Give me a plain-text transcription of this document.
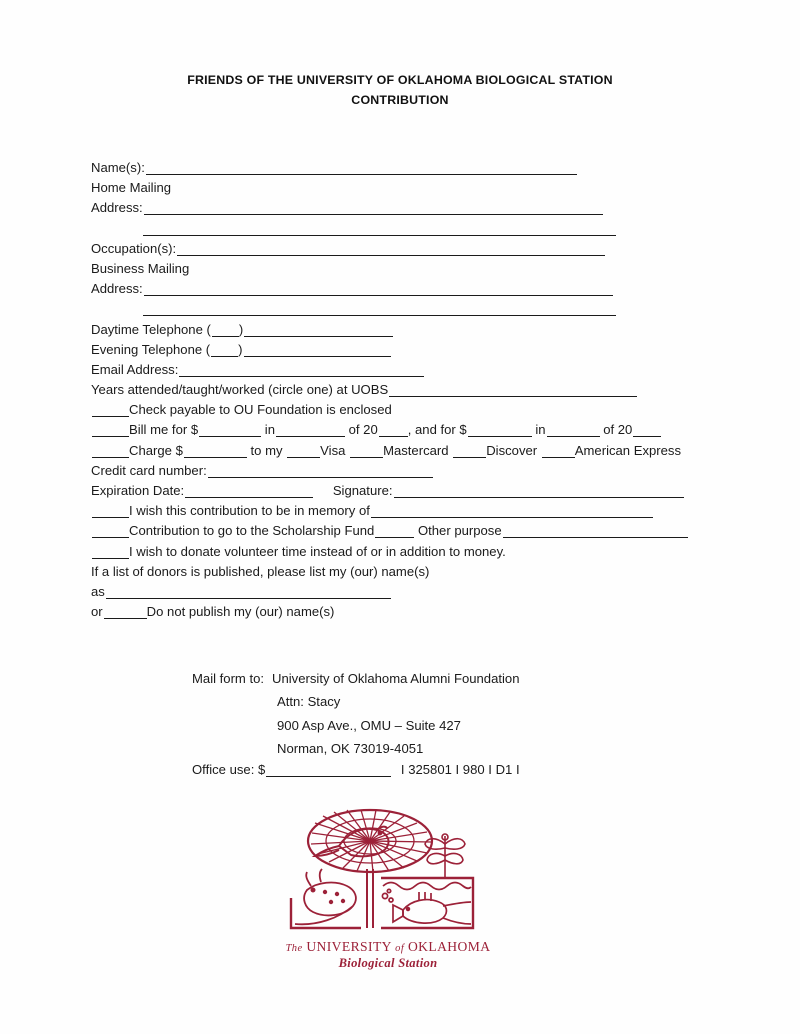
FRIENDS OF THE UNIVERSITY OF OKLAHOMA BIOLOGICAL STATION
CONTRIBUTION
Name(s):
Home Mailing
Address:
Occupation(s):
Business Mailing
Address:
Daytime Telephone ( )
Evening Telephone ( )
Email Address:
Years attended/taught/worked (circle one) at UOBS
Check payable to OU Foundation is enclosed
Bill me for $	in	of 20 , and for $	in	of 20
Charge $	to my	Visa	Mastercard	Discover	American Express
Credit card number:
Expiration Date:	Signature:
I wish this contribution to be in memory of
Contribution to go to the Scholarship Fund	Other purpose
I wish to donate volunteer time instead of or in addition to money.
If a list of donors is published, please list my (our) name(s)
as
or	Do not publish my (our) name(s)
Mail form to: University of Oklahoma Alumni Foundation
Attn: Stacy
900 Asp Ave., OMU – Suite 427
Norman, OK 73019-4051
Office use: $	I 325801 I 980 I D1 I
The UNIVERSITY of OKLAHOMA
Biological Station
